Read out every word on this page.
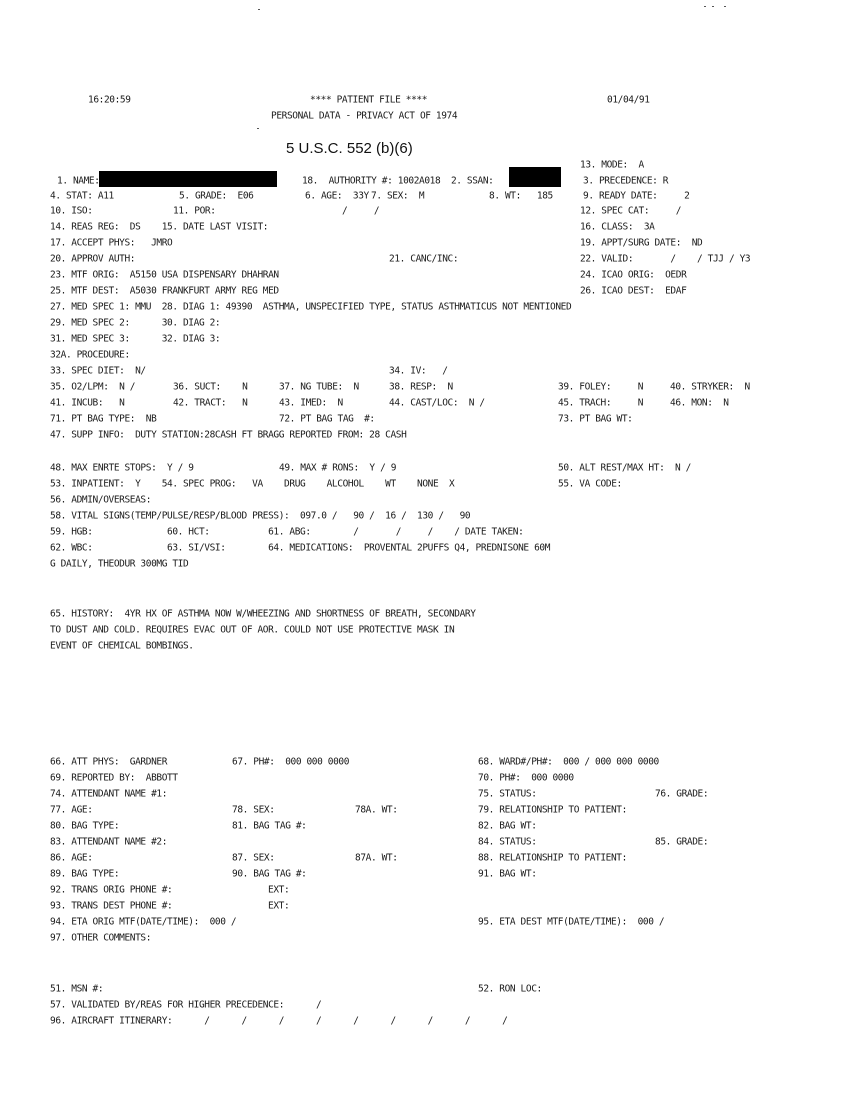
16:20:59	**** PATIENT FILE ****
PERSONAL DATA - PRIVACY ACT OF 1974
01/04/91
5 U.S.C. 552 (b)(6)
13. MODE:  A
1. NAME:	18.  AUTHORITY #: 1002A018  2. SSAN:	3. PRECEDENCE: R
4. STAT: A11	5. GRADE:  E06	6. AGE:  33Y 7. SEX:  M	8. WT:   185	9. READY DATE:     2
10. ISO:	11. POR:	/     /	12. SPEC CAT:     /
14. REAS REG:  DS    15. DATE LAST VISIT:	16. CLASS:  3A
17. ACCEPT PHYS:   JMRO	19. APPT/SURG DATE:  ND
20. APPROV AUTH:	21. CANC/INC:	22. VALID:       /    / TJJ / Y3
23. MTF ORIG:  A5150 USA DISPENSARY DHAHRAN	24. ICAO ORIG:  OEDR
25. MTF DEST:  A5030 FRANKFURT ARMY REG MED	26. ICAO DEST:  EDAF
27. MED SPEC 1: MMU  28. DIAG 1: 49390  ASTHMA, UNSPECIFIED TYPE, STATUS ASTHMATICUS NOT MENTIONED
29. MED SPEC 2:      30. DIAG 2:
31. MED SPEC 3:      32. DIAG 3:
32A. PROCEDURE:
33. SPEC DIET:  N/	34. IV:   /
35. O2/LPM:  N /	36. SUCT:    N	37. NG TUBE:  N	38. RESP:  N	39. FOLEY:     N	40. STRYKER:  N
41. INCUB:   N	42. TRACT:   N	43. IMED:  N	44. CAST/LOC:  N /	45. TRACH:     N	46. MON:  N
71. PT BAG TYPE:  NB	72. PT BAG TAG  #:	73. PT BAG WT:
47. SUPP INFO:  DUTY STATION:28CASH FT BRAGG REPORTED FROM: 28 CASH
48. MAX ENRTE STOPS:  Y / 9	49. MAX # RONS:  Y / 9	50. ALT REST/MAX HT:  N /
53. INPATIENT:  Y    54. SPEC PROG:   VA    DRUG    ALCOHOL    WT    NONE  X	55. VA CODE:
56. ADMIN/OVERSEAS:
58. VITAL SIGNS(TEMP/PULSE/RESP/BLOOD PRESS):  097.0 /   90 /  16 /  130 /   90
59. HGB:              60. HCT:           61. ABG:        /       /     /    / DATE TAKEN:
62. WBC:              63. SI/VSI:        64. MEDICATIONS:  PROVENTAL 2PUFFS Q4, PREDNISONE 60M
G DAILY, THEODUR 300MG TID
65. HISTORY:  4YR HX OF ASTHMA NOW W/WHEEZING AND SHORTNESS OF BREATH, SECONDARY
TO DUST AND COLD. REQUIRES EVAC OUT OF AOR. COULD NOT USE PROTECTIVE MASK IN
EVENT OF CHEMICAL BOMBINGS.
66. ATT PHYS:  GARDNER	67. PH#:  000 000 0000	68. WARD#/PH#:  000 / 000 000 0000
69. REPORTED BY:  ABBOTT	70. PH#:  000 0000
74. ATTENDANT NAME #1:	75. STATUS:	76. GRADE:
77. AGE:	78. SEX:	78A. WT:	79. RELATIONSHIP TO PATIENT:
80. BAG TYPE:	81. BAG TAG #:	82. BAG WT:
83. ATTENDANT NAME #2:	84. STATUS:	85. GRADE:
86. AGE:	87. SEX:	87A. WT:	88. RELATIONSHIP TO PATIENT:
89. BAG TYPE:	90. BAG TAG #:	91. BAG WT:
92. TRANS ORIG PHONE #:	EXT:
93. TRANS DEST PHONE #:	EXT:
94. ETA ORIG MTF(DATE/TIME):  000 /	95. ETA DEST MTF(DATE/TIME):  000 /
97. OTHER COMMENTS:
51. MSN #:	52. RON LOC:
57. VALIDATED BY/REAS FOR HIGHER PRECEDENCE:      /
96. AIRCRAFT ITINERARY:      /      /      /      /      /      /      /      /      /
